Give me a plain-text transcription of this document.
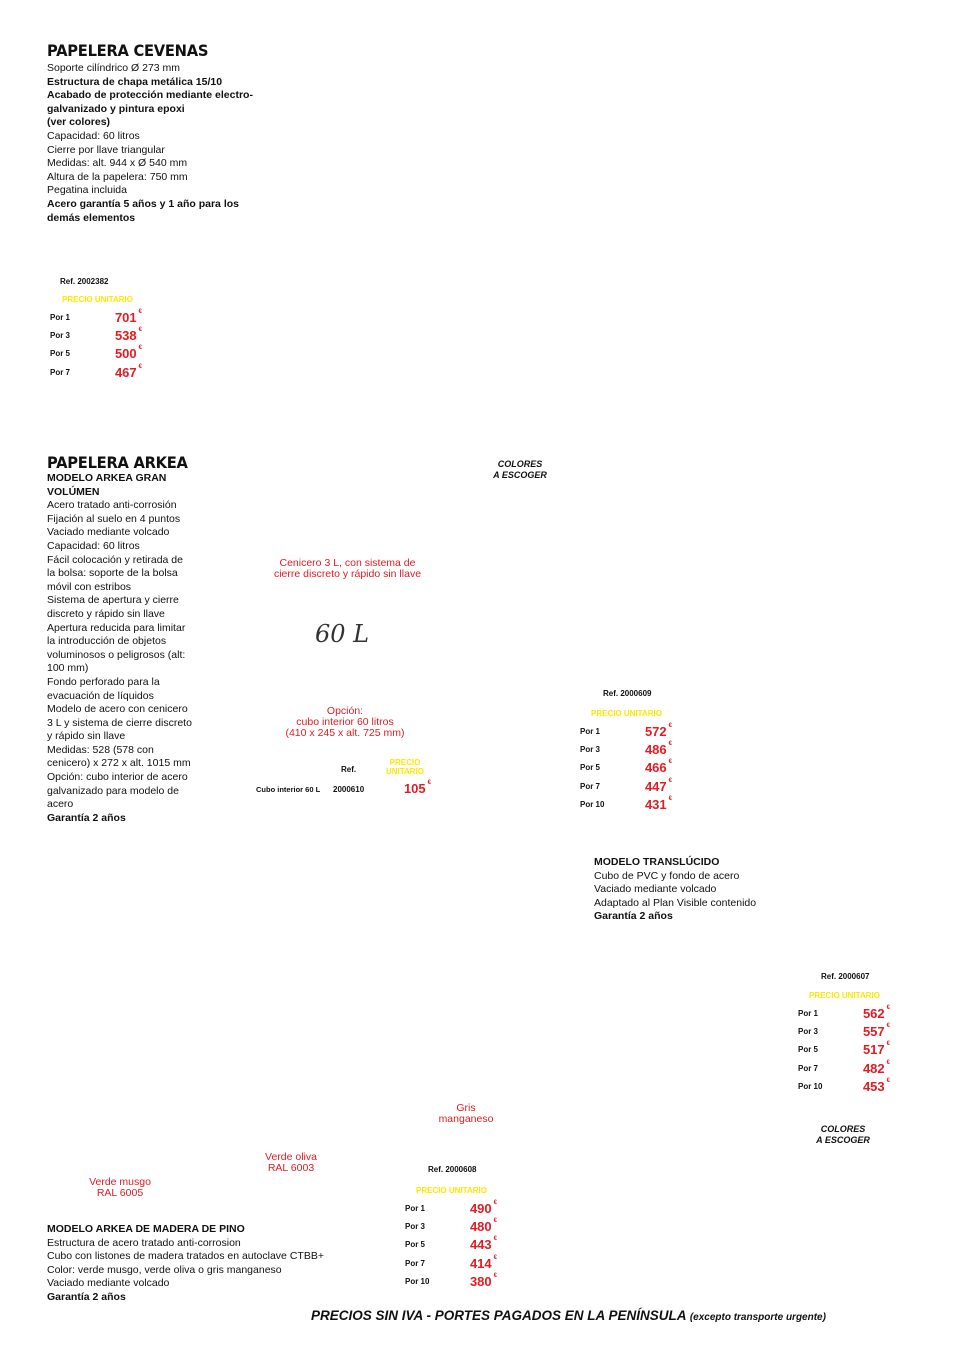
PAPELERA CEVENAS
Soporte cilíndrico Ø 273 mm
Estructura de chapa metálica 15/10
Acabado de protección mediante electro-
galvanizado y pintura epoxi
(ver colores)
Capacidad: 60 litros
Cierre por llave triangular
Medidas: alt. 944 x Ø 540 mm
Altura de la papelera: 750 mm
Pegatina incluida
Acero garantía 5 años y 1 año para los
demás elementos
Ref. 2002382
PRECIO UNITARIO
Por 1	701 €
Por 3	538 €
Por 5	500 €
Por 7	467 €
PAPELERA ARKEA
MODELO ARKEA GRAN
VOLÚMEN
Acero tratado anti-corrosión
Fijación al suelo en 4 puntos
Vaciado mediante volcado
Capacidad: 60 litros
Fácil colocación y retirada de
la bolsa: soporte de la bolsa
móvil con estribos
Sistema de apertura y cierre
discreto y rápido sin llave
Apertura reducida para limitar
la introducción de objetos
voluminosos o peligrosos (alt:
100 mm)
Fondo perforado para la
evacuación de líquidos
Modelo de acero con cenicero
3 L y sistema de cierre discreto
y rápido sin llave
Medidas: 528 (578 con
cenicero) x 272 x alt. 1015 mm
Opción: cubo interior de acero
galvanizado para modelo de
acero
Garantía 2 años
COLORES
A ESCOGER
Cenicero 3 L, con sistema de
cierre discreto y rápido sin llave
60 L
Opción:
cubo interior 60 litros
(410 x 245 x alt. 725 mm)
Ref.
PRECIO
UNITARIO
Cubo interior 60 L 2000610	105 €
Ref. 2000609
PRECIO UNITARIO
Por 1	572 €
Por 3	486 €
Por 5	466 €
Por 7	447 €
Por 10	431 €
MODELO TRANSLÚCIDO
Cubo de PVC y fondo de acero
Vaciado mediante volcado
Adaptado al Plan Visible contenido
Garantía 2 años
Ref. 2000607
PRECIO UNITARIO
Por 1	562 €
Por 3	557 €
Por 5	517 €
Por 7	482 €
Por 10	453 €
COLORES
A ESCOGER
Gris
manganeso
Verde oliva
RAL 6003
Verde musgo
RAL 6005
MODELO ARKEA DE MADERA DE PINO
Estructura de acero tratado anti-corrosion
Cubo con listones de madera tratados en autoclave CTBB+
Color: verde musgo, verde oliva o gris manganeso
Vaciado mediante volcado
Garantía 2 años
Ref. 2000608
PRECIO UNITARIO
Por 1	490 €
Por 3	480 €
Por 5	443 €
Por 7	414 €
Por 10	380 €
PRECIOS SIN IVA - PORTES PAGADOS EN LA PENÍNSULA (excepto transporte urgente)
